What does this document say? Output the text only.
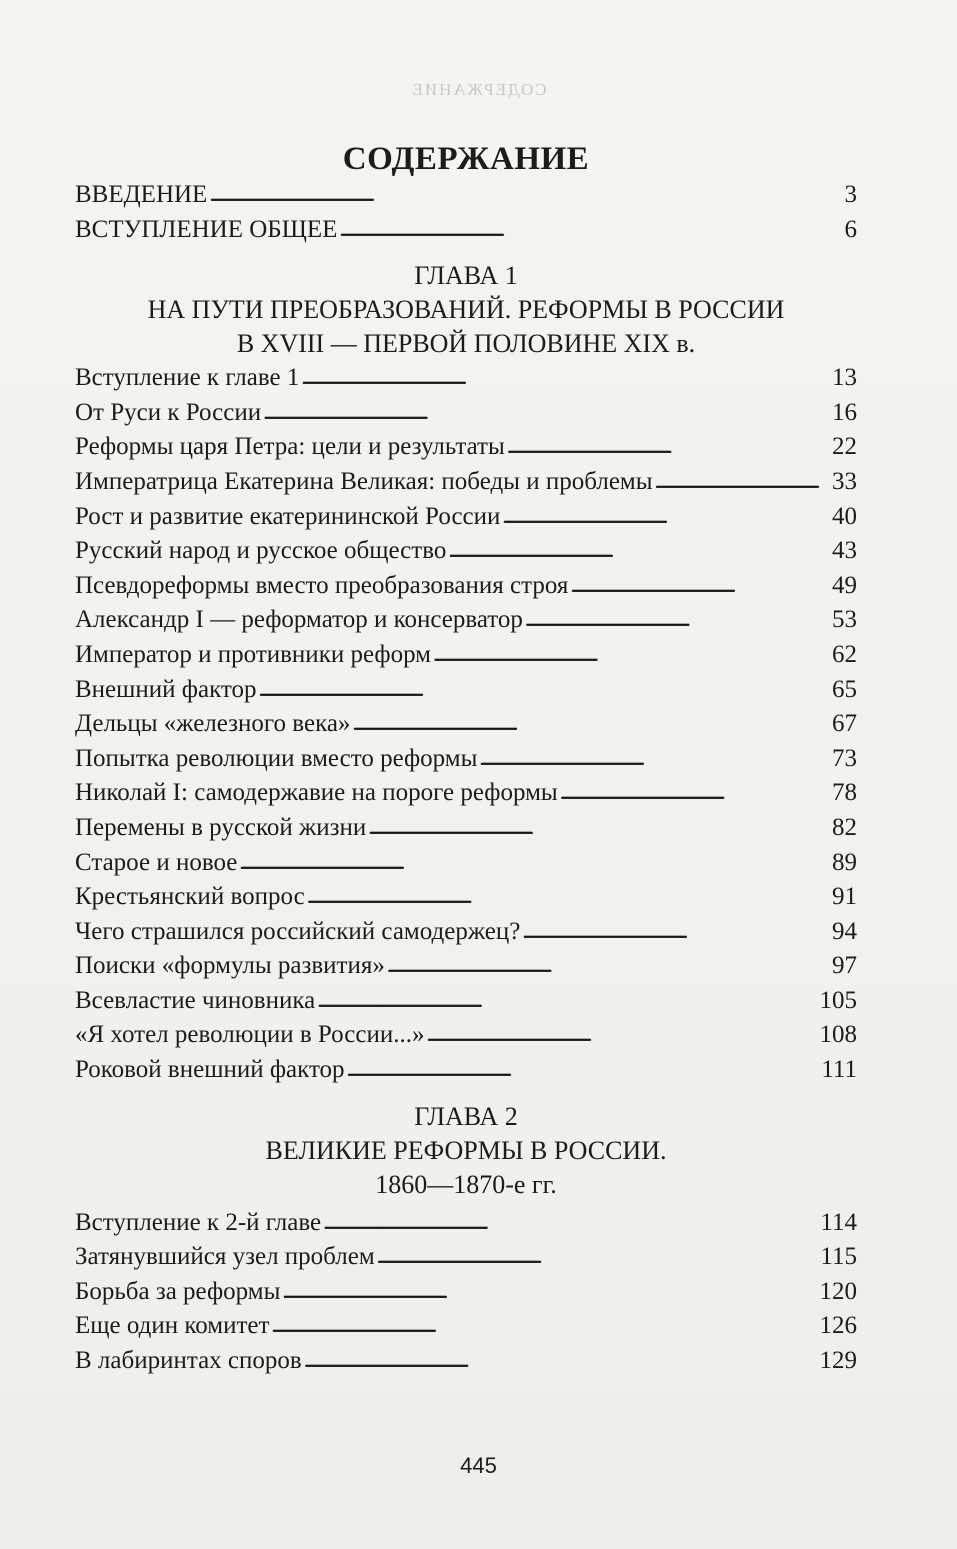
СОДЕРЖАНИЕ
СОДЕРЖАНИЕ
ВВЕДЕНИЕ . . .	3
ВСТУПЛЕНИЕ ОБЩЕЕ . . .	6
ГЛАВА 1
НА ПУТИ ПРЕОБРАЗОВАНИЙ. РЕФОРМЫ В РОССИИ
В XVIII — ПЕРВОЙ ПОЛОВИНЕ XIX в.
Вступление к главе 1 . . .	13
От Руси к России . . .	16
Реформы царя Петра: цели и результаты . . .	22
Императрица Екатерина Великая: победы и проблемы . . .	33
Рост и развитие екатерининской России . . .	40
Русский народ и русское общество . . .	43
Псевдореформы вместо преобразования строя . . .	49
Александр I — реформатор и консерватор . . .	53
Император и противники реформ . . .	62
Внешний фактор . . .	65
Дельцы «железного века» . . .	67
Попытка революции вместо реформы . . .	73
Николай I: самодержавие на пороге реформы . . .	78
Перемены в русской жизни . . .	82
Старое и новое . . .	89
Крестьянский вопрос . . .	91
Чего страшился российский самодержец? . . .	94
Поиски «формулы развития» . . .	97
Всевластие чиновника . . .	105
«Я хотел революции в России...» . . .	108
Роковой внешний фактор . . .	111
ГЛАВА 2
ВЕЛИКИЕ РЕФОРМЫ В РОССИИ.
1860—1870-е гг.
Вступление к 2-й главе . . .	114
Затянувшийся узел проблем . . .	115
Борьба за реформы . . .	120
Еще один комитет . . .	126
В лабиринтах споров . . .	129
445
